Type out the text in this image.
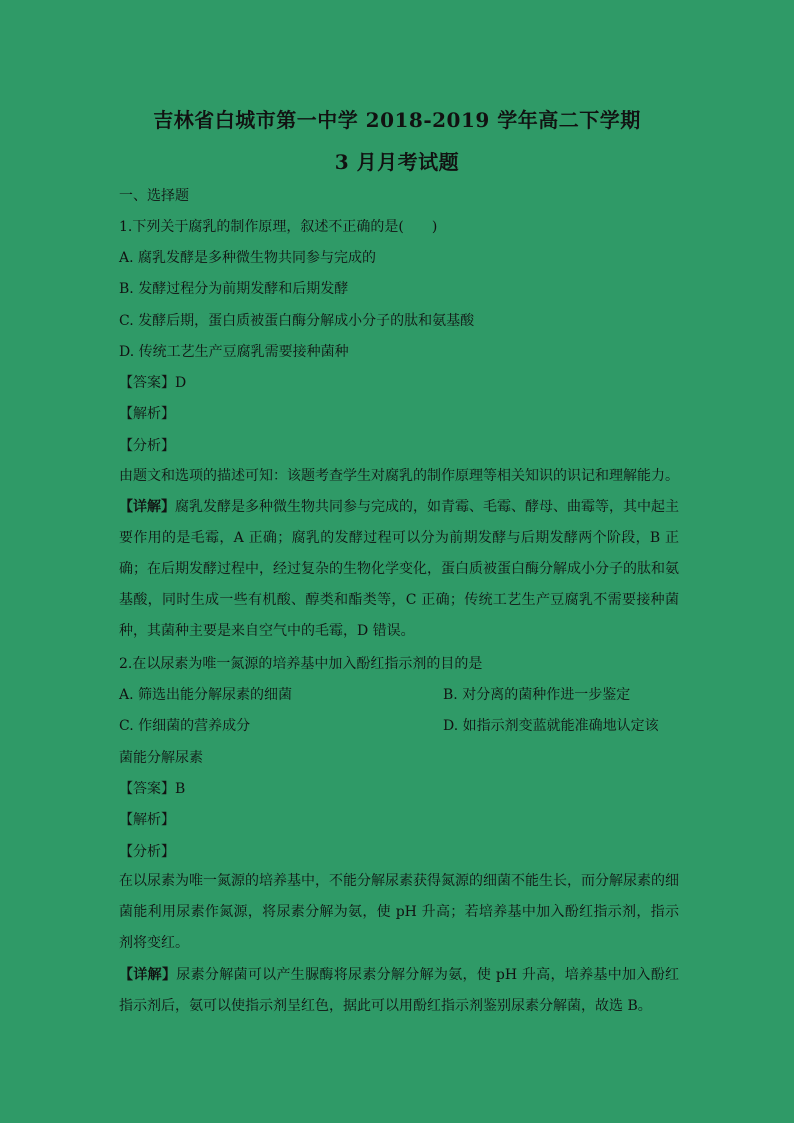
吉林省白城市第一中学 2018-2019 学年高二下学期
3 月月考试题
一、选择题
1.下列关于腐乳的制作原理，叙述不正确的是(　　)
A. 腐乳发酵是多种微生物共同参与完成的
B. 发酵过程分为前期发酵和后期发酵
C. 发酵后期，蛋白质被蛋白酶分解成小分子的肽和氨基酸
D. 传统工艺生产豆腐乳需要接种菌种
【答案】D
【解析】
【分析】
由题文和选项的描述可知：该题考查学生对腐乳的制作原理等相关知识的识记和理解能力。
【详解】腐乳发酵是多种微生物共同参与完成的，如青霉、毛霉、酵母、曲霉等，其中起主要作用的是毛霉，A 正确；腐乳的发酵过程可以分为前期发酵与后期发酵两个阶段，B 正确；在后期发酵过程中，经过复杂的生物化学变化，蛋白质被蛋白酶分解成小分子的肽和氨基酸，同时生成一些有机酸、醇类和酯类等，C 正确；传统工艺生产豆腐乳不需要接种菌种，其菌种主要是来自空气中的毛霉，D 错误。
2.在以尿素为唯一氮源的培养基中加入酚红指示剂的目的是
A. 筛选出能分解尿素的细菌	B. 对分离的菌种作进一步鉴定
C. 作细菌的营养成分	D. 如指示剂变蓝就能准确地认定该
菌能分解尿素
【答案】B
【解析】
【分析】
在以尿素为唯一氮源的培养基中，不能分解尿素获得氮源的细菌不能生长，而分解尿素的细菌能利用尿素作氮源，将尿素分解为氨，使 pH 升高；若培养基中加入酚红指示剂，指示剂将变红。
【详解】尿素分解菌可以产生脲酶将尿素分解分解为氨，使 pH 升高，培养基中加入酚红指示剂后，氨可以使指示剂呈红色，据此可以用酚红指示剂鉴别尿素分解菌，故选 B。
